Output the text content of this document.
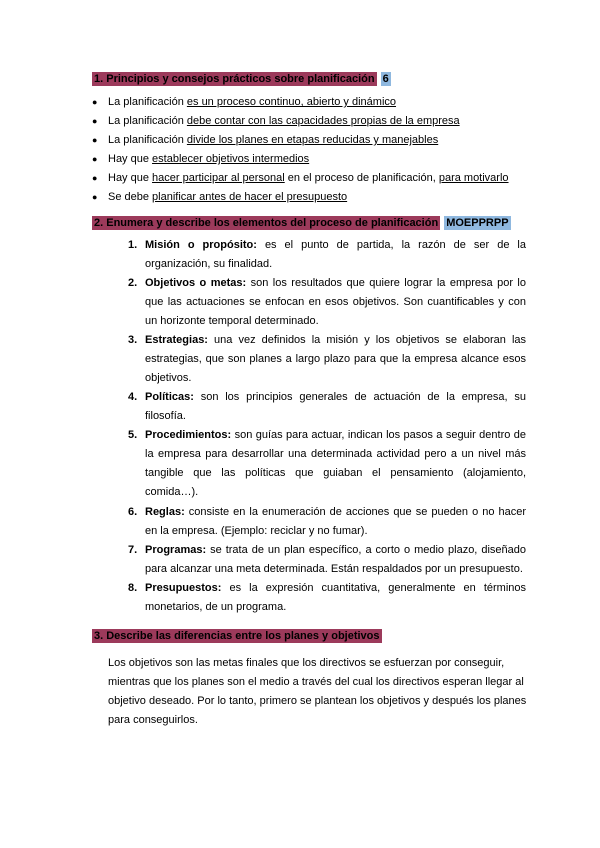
1. Principios y consejos prácticos sobre planificación 6
● La planificación es un proceso continuo, abierto y dinámico
● La planificación debe contar con las capacidades propias de la empresa
● La planificación divide los planes en etapas reducidas y manejables
● Hay que establecer objetivos intermedios
● Hay que hacer participar al personal en el proceso de planificación, para motivarlo
● Se debe planificar antes de hacer el presupuesto
2. Enumera y describe los elementos del proceso de planificación MOEPPRPP
1. Misión o propósito: es el punto de partida, la razón de ser de la organización, su finalidad.
2. Objetivos o metas: son los resultados que quiere lograr la empresa por lo que las actuaciones se enfocan en esos objetivos. Son cuantificables y con un horizonte temporal determinado.
3. Estrategias: una vez definidos la misión y los objetivos se elaboran las estrategias, que son planes a largo plazo para que la empresa alcance esos objetivos.
4. Políticas: son los principios generales de actuación de la empresa, su filosofía.
5. Procedimientos: son guías para actuar, indican los pasos a seguir dentro de la empresa para desarrollar una determinada actividad pero a un nivel más tangible que las políticas que guiaban el pensamiento (alojamiento, comida…).
6. Reglas: consiste en la enumeración de acciones que se pueden o no hacer en la empresa. (Ejemplo: reciclar y no fumar).
7. Programas: se trata de un plan específico, a corto o medio plazo, diseñado para alcanzar una meta determinada. Están respaldados por un presupuesto.
8. Presupuestos: es la expresión cuantitativa, generalmente en términos monetarios, de un programa.
3. Describe las diferencias entre los planes y objetivos
Los objetivos son las metas finales que los directivos se esfuerzan por conseguir, mientras que los planes son el medio a través del cual los directivos esperan llegar al objetivo deseado. Por lo tanto, primero se plantean los objetivos y después los planes para conseguirlos.
